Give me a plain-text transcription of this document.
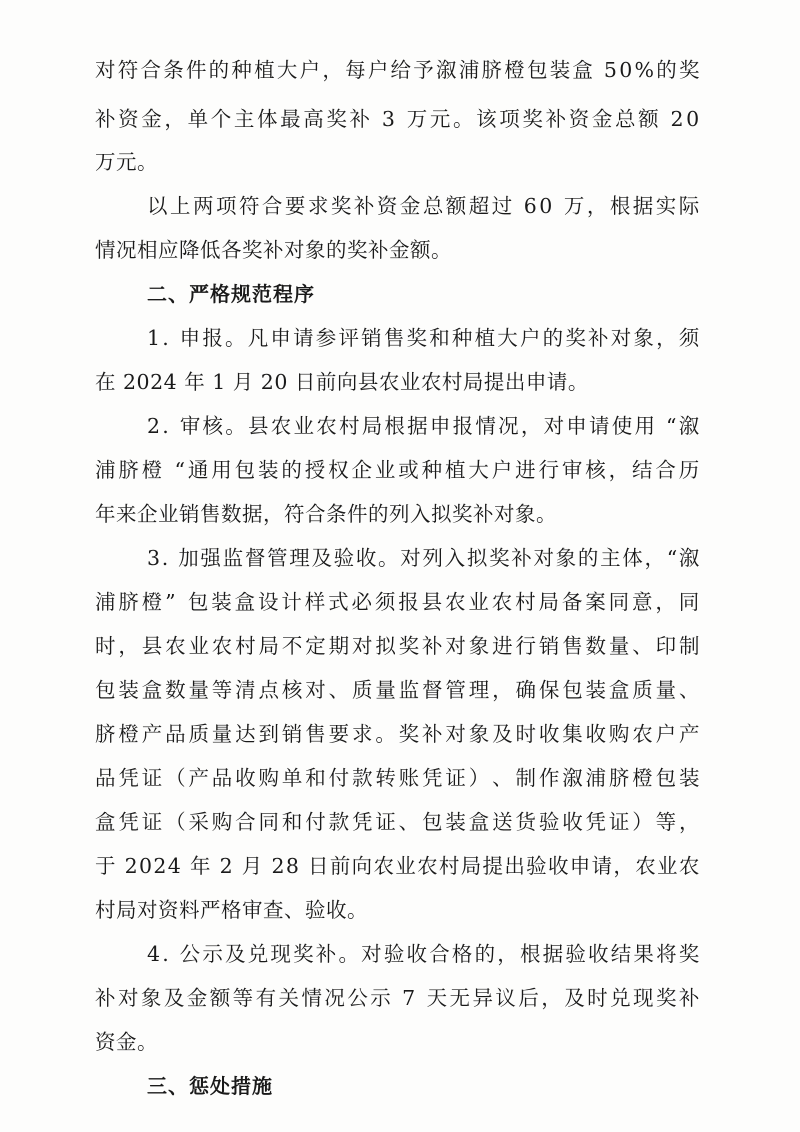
对 符 合 条 件 的 种 植 大 户 ， 每 户 给 予 溆 浦 脐 橙 包 装 盒
5 0 % 的 奖

补 资 金 ， 单 个 主 体 最 高 奖 补
3
万 元 。 该 项 奖 补 资 金 总 额
2 0

万元。

以 上 两 项 符 合 要 求 奖 补 资 金 总 额 超 过
6 0
万 ， 根 据 实 际

情况相应降低各奖补对象的奖补金额。

二、严格规范程序

1 .
申 报 。 凡 申 请 参 评 销 售 奖 和 种 植 大 户 的 奖 补 对 象 ， 须

在 2024 年 1 月 20 日前向县农业农村局提出申请。

2 .
审 核 。 县 农 业 农 村 局 根 据 申 报 情 况 ， 对 申 请 使 用
“ 溆

浦 脐 橙
“ 通 用 包 装 的 授 权 企 业 或 种 植 大 户 进 行 审 核 ， 结 合 历

年来企业销售数据，符合条件的列入拟奖补对象。

3 .
加 强 监 督 管 理 及 验 收 。 对 列 入 拟 奖 补 对 象 的 主 体 ， “ 溆

浦 脐 橙 ”
包 装 盒 设 计 样 式 必 须 报 县 农 业 农 村 局 备 案 同 意 ， 同

时 ， 县 农 业 农 村 局 不 定 期 对 拟 奖 补 对 象 进 行 销 售 数 量 、 印 制

包 装 盒 数 量 等 清 点 核 对 、 质 量 监 督 管 理 ， 确 保 包 装 盒 质 量 、

脐 橙 产 品 质 量 达 到 销 售 要 求 。 奖 补 对 象 及 时 收 集 收 购 农 户 产

品 凭 证 （ 产 品 收 购 单 和 付 款 转 账 凭 证 ） 、 制 作 溆 浦 脐 橙 包 装

盒 凭 证 （ 采 购 合 同 和 付 款 凭 证 、 包 装 盒 送 货 验 收 凭 证 ） 等 ，

于
2 0 2 4
年
2
月
2 8
日 前 向 农 业 农 村 局 提 出 验 收 申 请 ， 农 业 农

村局对资料严格审查、验收。

4 .
公 示 及 兑 现 奖 补 。 对 验 收 合 格 的 ， 根 据 验 收 结 果 将 奖

补 对 象 及 金 额 等 有 关 情 况 公 示
7
天 无 异 议 后 ， 及 时 兑 现 奖 补

资金。

三、惩处措施
